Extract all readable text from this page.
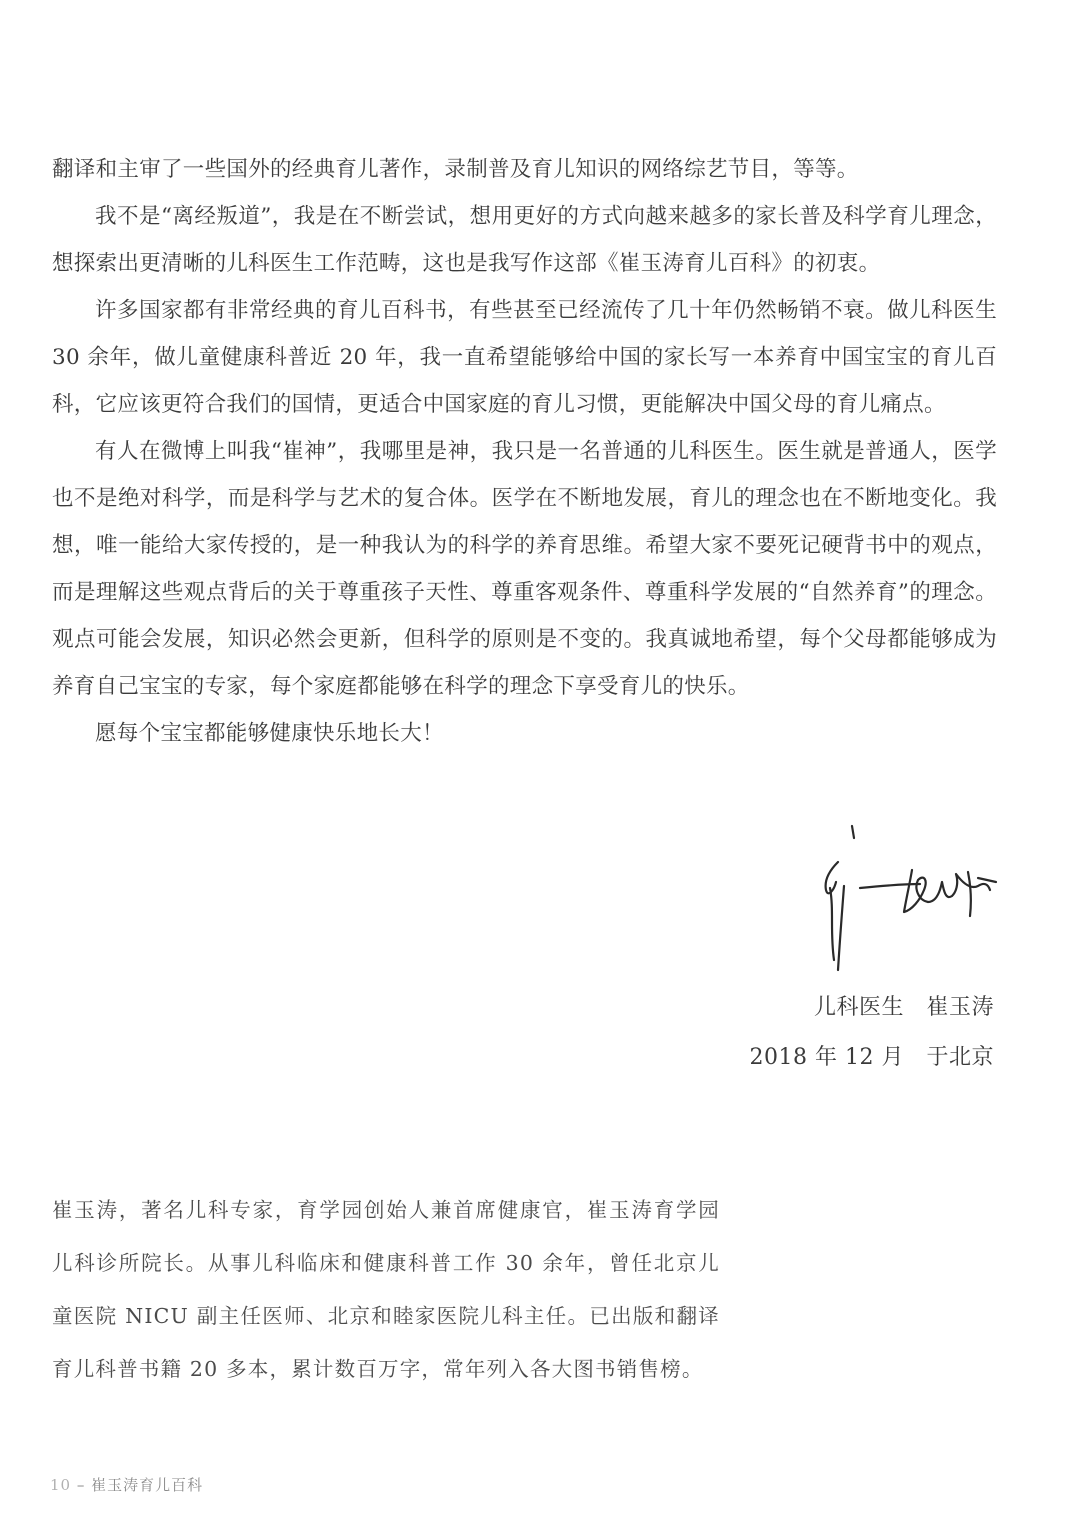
翻译和主审了一些国外的经典育儿著作，录制普及育儿知识的网络综艺节目，等等。

我不是“离经叛道”，我是在不断尝试，想用更好的方式向越来越多的家长普及科学育儿理念，想探索出更清晰的儿科医生工作范畴，这也是我写作这部《崔玉涛育儿百科》的初衷。

许多国家都有非常经典的育儿百科书，有些甚至已经流传了几十年仍然畅销不衰。做儿科医生 30 余年，做儿童健康科普近 20 年，我一直希望能够给中国的家长写一本养育中国宝宝的育儿百科，它应该更符合我们的国情，更适合中国家庭的育儿习惯，更能解决中国父母的育儿痛点。

有人在微博上叫我“崔神”，我哪里是神，我只是一名普通的儿科医生。医生就是普通人，医学也不是绝对科学，而是科学与艺术的复合体。医学在不断地发展，育儿的理念也在不断地变化。我想，唯一能给大家传授的，是一种我认为的科学的养育思维。希望大家不要死记硬背书中的观点，而是理解这些观点背后的关于尊重孩子天性、尊重客观条件、尊重科学发展的“自然养育”的理念。观点可能会发展，知识必然会更新，但科学的原则是不变的。我真诚地希望，每个父母都能够成为养育自己宝宝的专家，每个家庭都能够在科学的理念下享受育儿的快乐。

愿每个宝宝都能够健康快乐地长大！

儿科医生　崔玉涛
2018 年 12 月　于北京

崔玉涛，著名儿科专家，育学园创始人兼首席健康官，崔玉涛育学园儿科诊所院长。从事儿科临床和健康科普工作 30 余年，曾任北京儿童医院 NICU 副主任医师、北京和睦家医院儿科主任。已出版和翻译育儿科普书籍 20 多本，累计数百万字，常年列入各大图书销售榜。

10 – 崔玉涛育儿百科
